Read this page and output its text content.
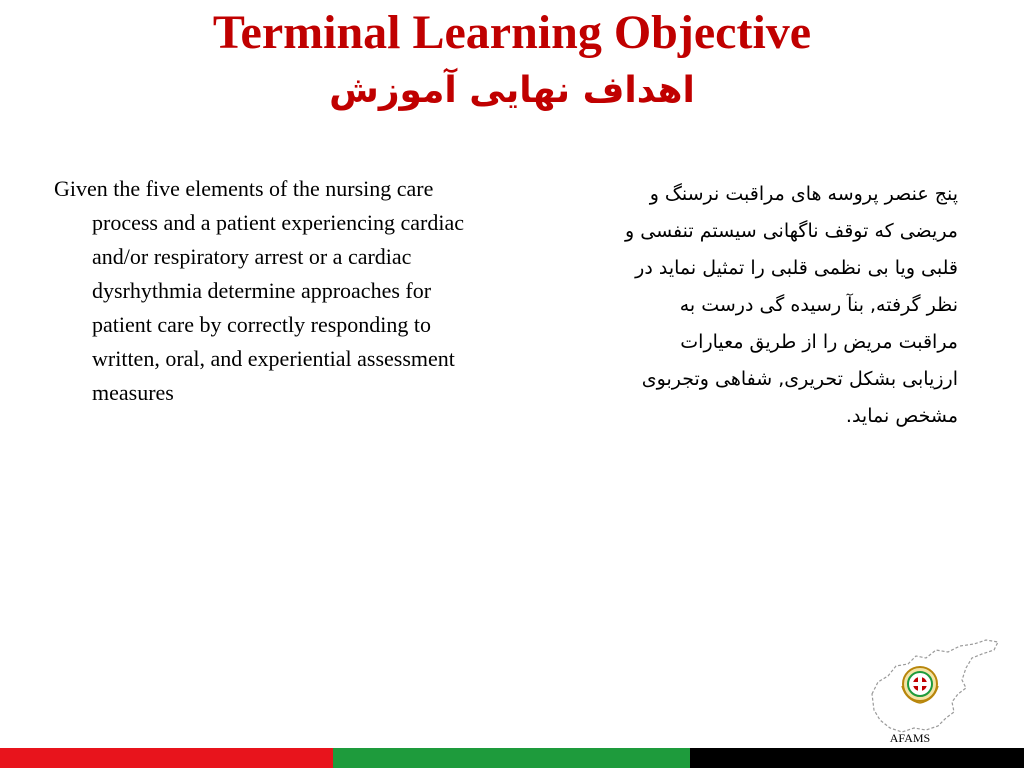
Terminal Learning Objective
اهداف نهایی آموزش
Given the five elements of the nursing care process and a patient experiencing cardiac and/or respiratory arrest or a cardiac dysrhythmia determine approaches for patient care by correctly responding to written, oral, and experiential assessment measures

پنج عنصر پروسه های مراقبت نرسنگ و

مریضی که توقف ناگهانی سیستم تنفسی و

قلبی ویا بی نظمی قلبی را تمثیل نماید در

نظر گرفته, بنآ رسیده گی درست به

مراقبت مریض را از طریق معیارات

ارزیابی بشکل تحریری, شفاهی وتجربوی

مشخص نماید.

AFAMS
